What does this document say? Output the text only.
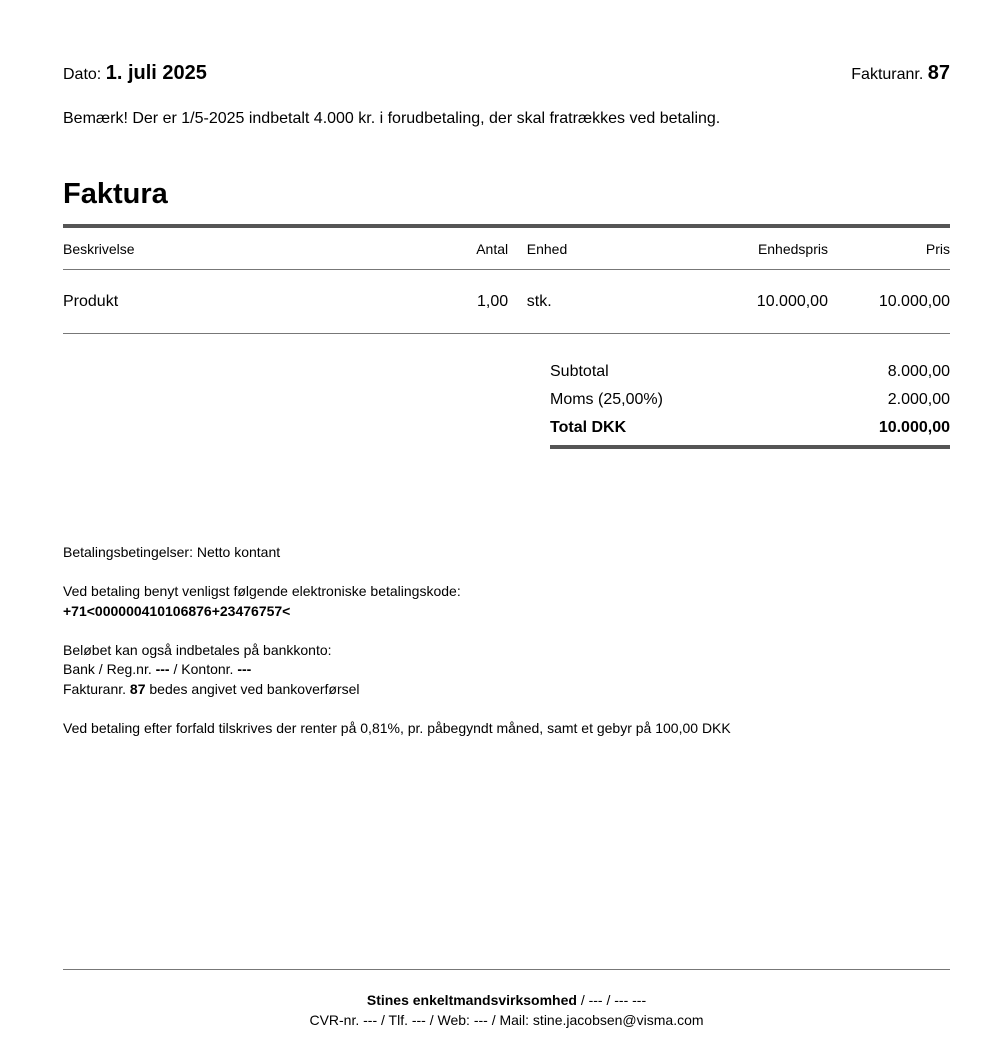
Dato: 1. juli 2025	Fakturanr. 87
Bemærk! Der er 1/5-2025 indbetalt 4.000 kr. i forudbetaling, der skal fratrækkes ved betaling.
Faktura
Beskrivelse	Antal		Enhed	Enhedspris	Pris
Produkt	1,00		stk.	10.000,00	10.000,00
Subtotal	8.000,00
Moms (25,00%)	2.000,00
Total DKK	10.000,00

Betalingsbetingelser: Netto kontant

Ved betaling benyt venligst følgende elektroniske betalingskode:

+71<000000410106876+23476757<

Beløbet kan også indbetales på bankkonto:

Bank / Reg.nr. --- / Kontonr. ---

Fakturanr. 87 bedes angivet ved bankoverførsel

Ved betaling efter forfald tilskrives der renter på 0,81%, pr. påbegyndt måned, samt et gebyr på 100,00 DKK

Stines enkeltmandsvirksomhed / --- / --- ---

CVR-nr. --- / Tlf. --- / Web: --- / Mail: stine.jacobsen@visma.com
